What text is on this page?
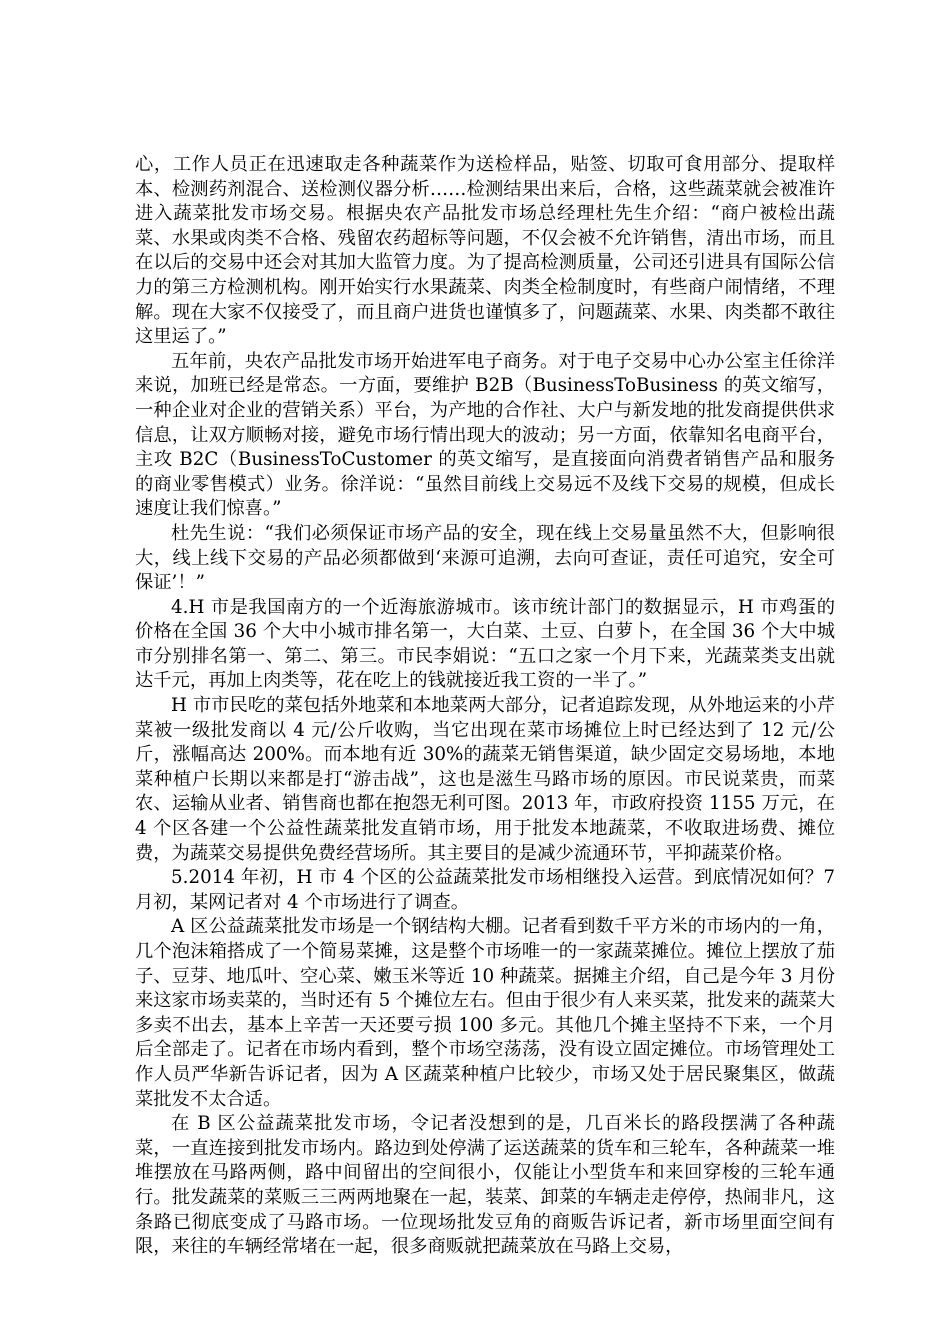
心，工作人员正在迅速取走各种蔬菜作为送检样品，贴签、切取可食用部分、提取样本、检测药剂混合、送检测仪器分析……检测结果出来后，合格，这些蔬菜就会被准许进入蔬菜批发市场交易。根据央农产品批发市场总经理杜先生介绍：“商户被检出蔬菜、水果或肉类不合格、残留农药超标等问题，不仅会被不允许销售，清出市场，而且在以后的交易中还会对其加大监管力度。为了提高检测质量，公司还引进具有国际公信力的第三方检测机构。刚开始实行水果蔬菜、肉类全检制度时，有些商户闹情绪，不理解。现在大家不仅接受了，而且商户进货也谨慎多了，问题蔬菜、水果、肉类都不敢往这里运了。”

五年前，央农产品批发市场开始进军电子商务。对于电子交易中心办公室主任徐洋来说，加班已经是常态。一方面，要维护 B2B（BusinessToBusiness 的英文缩写，一种企业对企业的营销关系）平台，为产地的合作社、大户与新发地的批发商提供供求信息，让双方顺畅对接，避免市场行情出现大的波动；另一方面，依靠知名电商平台，主攻 B2C（BusinessToCustomer 的英文缩写，是直接面向消费者销售产品和服务的商业零售模式）业务。徐洋说：“虽然目前线上交易远不及线下交易的规模，但成长速度让我们惊喜。”

杜先生说：“我们必须保证市场产品的安全，现在线上交易量虽然不大，但影响很大，线上线下交易的产品必须都做到‘来源可追溯，去向可查证，责任可追究，安全可保证’！”

4.H 市是我国南方的一个近海旅游城市。该市统计部门的数据显示，H 市鸡蛋的价格在全国 36 个大中小城市排名第一，大白菜、土豆、白萝卜，在全国 36 个大中城市分别排名第一、第二、第三。市民李娟说：“五口之家一个月下来，光蔬菜类支出就达千元，再加上肉类等，花在吃上的钱就接近我工资的一半了。”

H 市市民吃的菜包括外地菜和本地菜两大部分，记者追踪发现，从外地运来的小芹菜被一级批发商以 4 元/公斤收购，当它出现在菜市场摊位上时已经达到了 12 元/公斤，涨幅高达 200%。而本地有近 30%的蔬菜无销售渠道，缺少固定交易场地，本地菜种植户长期以来都是打“游击战”，这也是滋生马路市场的原因。市民说菜贵，而菜农、运输从业者、销售商也都在抱怨无利可图。2013 年，市政府投资 1155 万元，在 4 个区各建一个公益性蔬菜批发直销市场，用于批发本地蔬菜，不收取进场费、摊位费，为蔬菜交易提供免费经营场所。其主要目的是减少流通环节，平抑蔬菜价格。

5.2014 年初，H 市 4 个区的公益蔬菜批发市场相继投入运营。到底情况如何？7 月初，某网记者对 4 个市场进行了调查。

A 区公益蔬菜批发市场是一个钢结构大棚。记者看到数千平方米的市场内的一角，几个泡沫箱搭成了一个简易菜摊，这是整个市场唯一的一家蔬菜摊位。摊位上摆放了茄子、豆芽、地瓜叶、空心菜、嫩玉米等近 10 种蔬菜。据摊主介绍，自己是今年 3 月份来这家市场卖菜的，当时还有 5 个摊位左右。但由于很少有人来买菜，批发来的蔬菜大多卖不出去，基本上辛苦一天还要亏损 100 多元。其他几个摊主坚持不下来，一个月后全部走了。记者在市场内看到，整个市场空荡荡，没有设立固定摊位。市场管理处工作人员严华新告诉记者，因为 A 区蔬菜种植户比较少，市场又处于居民聚集区，做蔬菜批发不太合适。

在 B 区公益蔬菜批发市场，令记者没想到的是，几百米长的路段摆满了各种蔬菜，一直连接到批发市场内。路边到处停满了运送蔬菜的货车和三轮车，各种蔬菜一堆堆摆放在马路两侧，路中间留出的空间很小，仅能让小型货车和来回穿梭的三轮车通行。批发蔬菜的菜贩三三两两地聚在一起，装菜、卸菜的车辆走走停停，热闹非凡，这条路已彻底变成了马路市场。一位现场批发豆角的商贩告诉记者，新市场里面空间有限，来往的车辆经常堵在一起，很多商贩就把蔬菜放在马路上交易，
